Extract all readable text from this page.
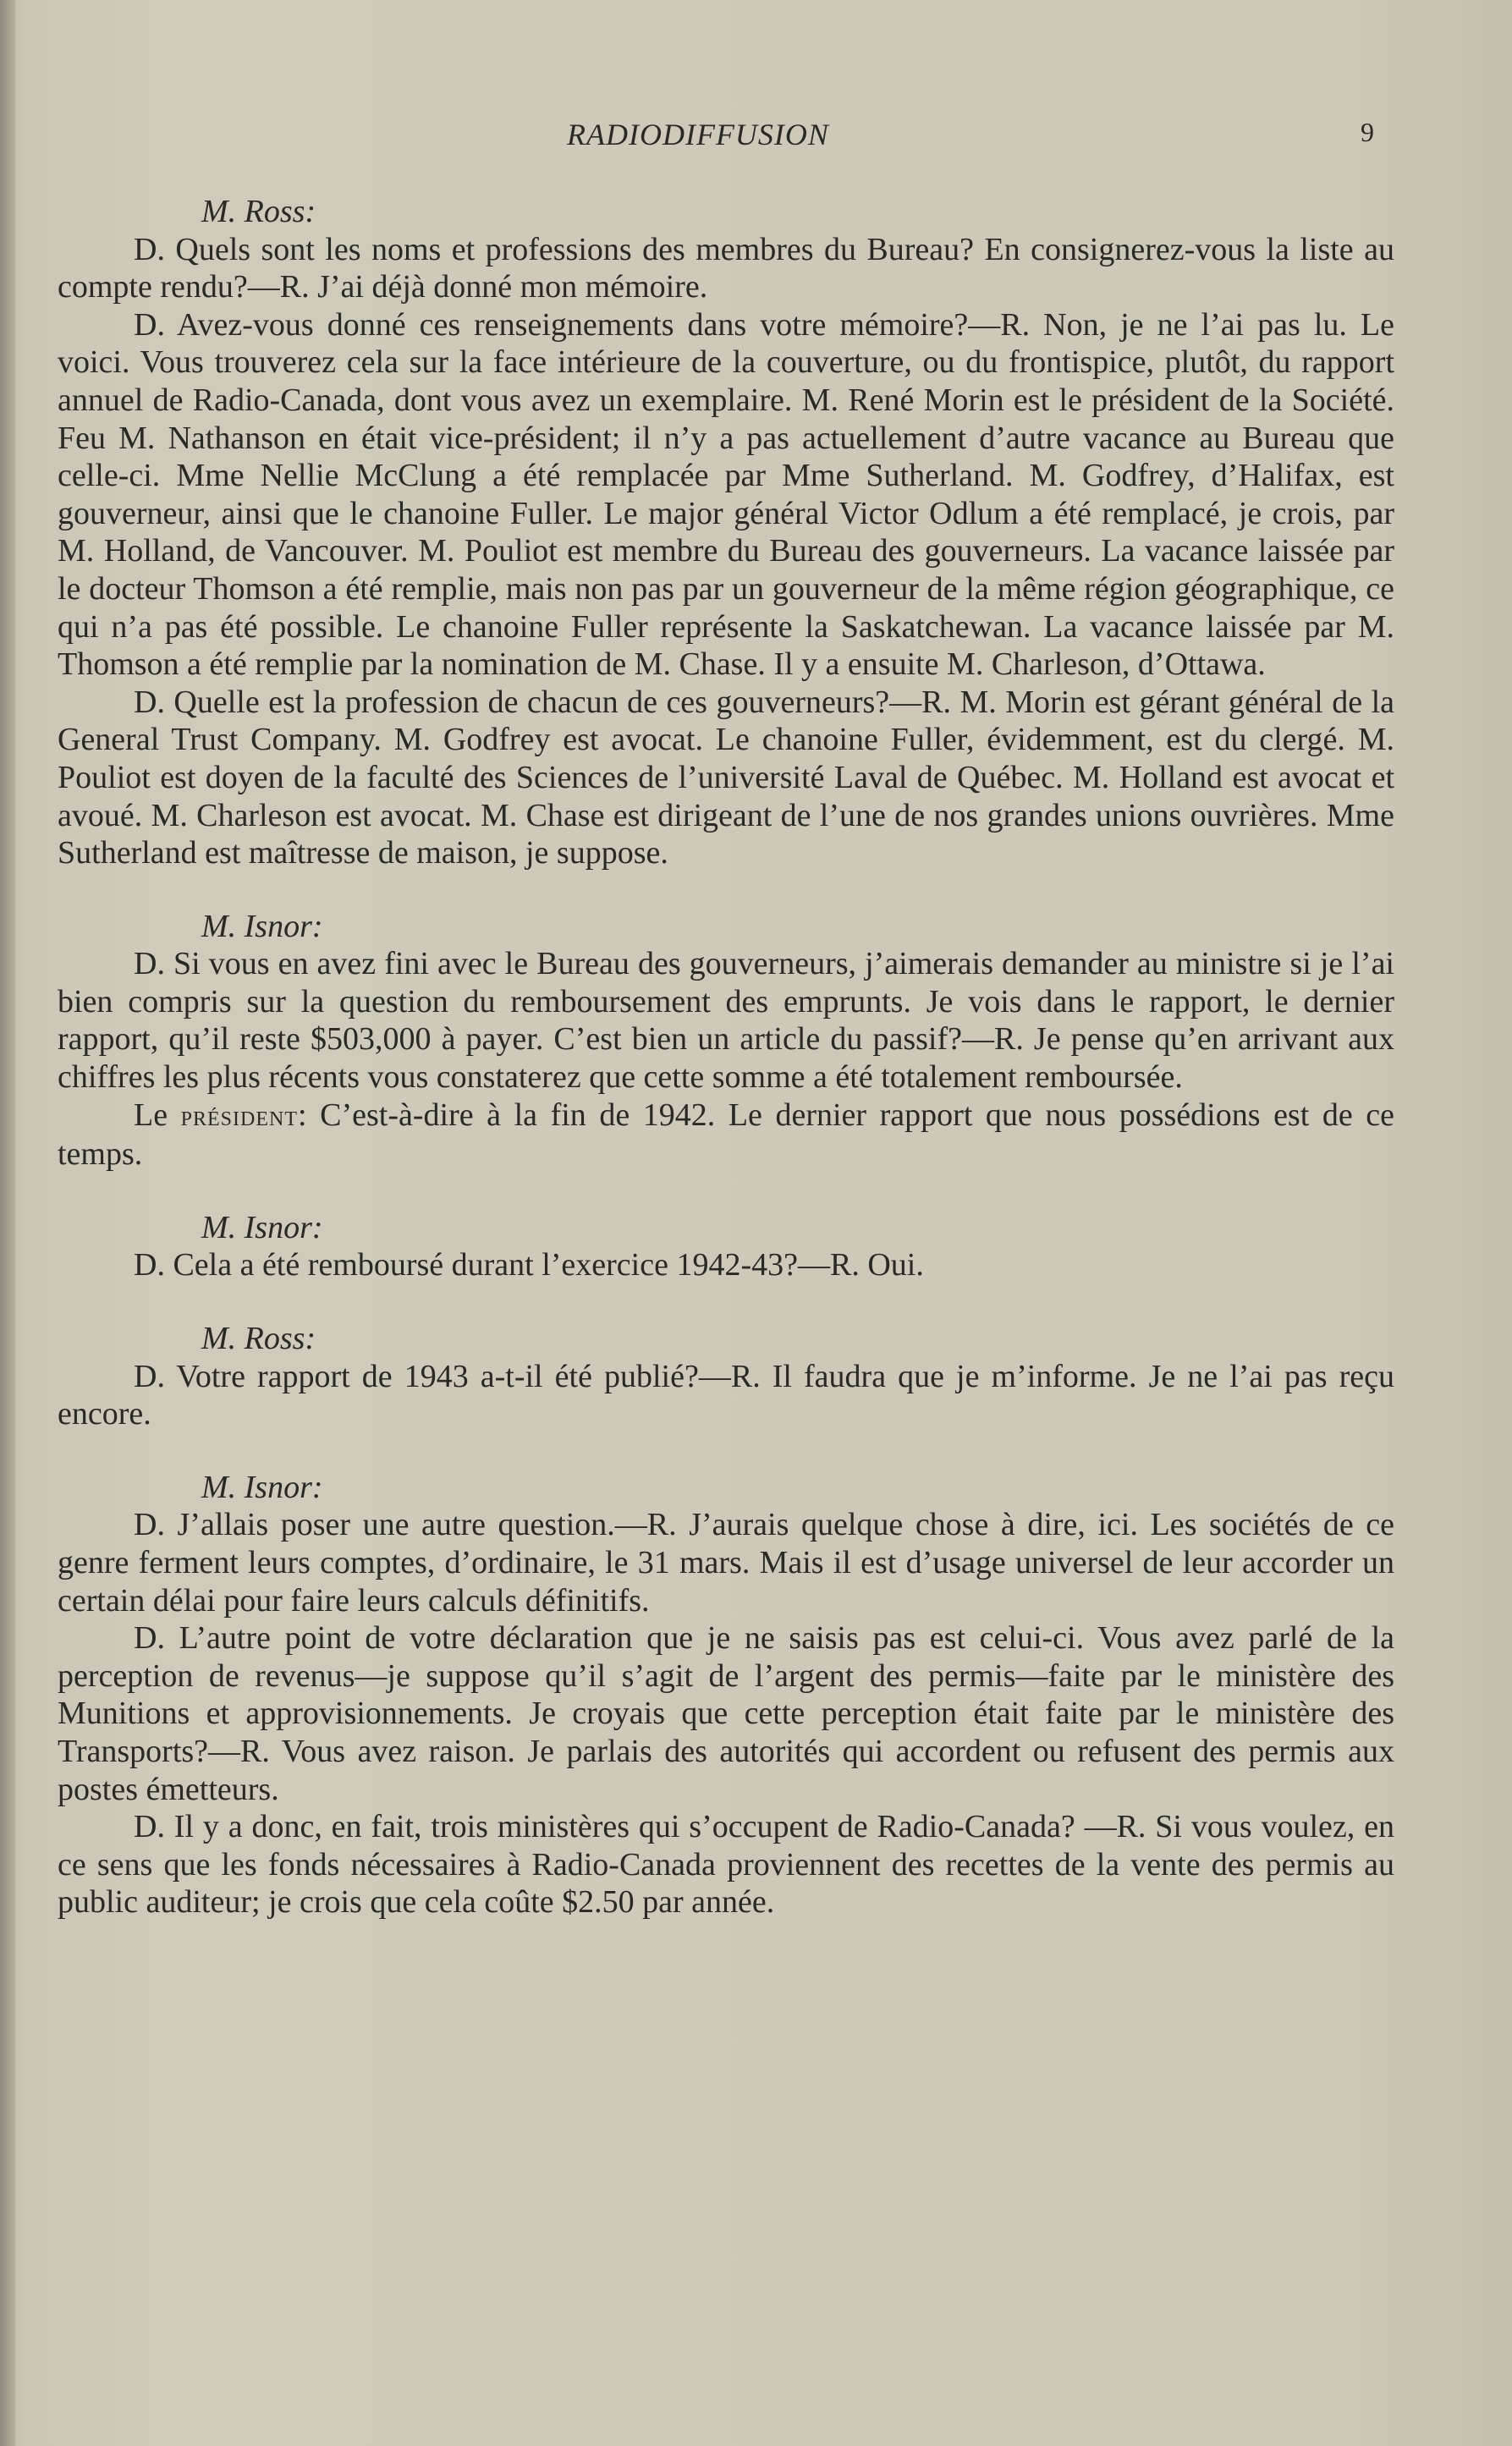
RADIODIFFUSION	9

M. Ross:

D. Quels sont les noms et professions des membres du Bureau? En consignerez-vous la liste au compte rendu?—R. J’ai déjà donné mon mémoire.

D. Avez-vous donné ces renseignements dans votre mémoire?—R. Non, je ne l’ai pas lu. Le voici. Vous trouverez cela sur la face intérieure de la couverture, ou du frontispice, plutôt, du rapport annuel de Radio-Canada, dont vous avez un exemplaire. M. René Morin est le président de la Société. Feu M. Nathanson en était vice-président; il n’y a pas actuellement d’autre vacance au Bureau que celle-ci. Mme Nellie McClung a été remplacée par Mme Sutherland. M. Godfrey, d’Halifax, est gouverneur, ainsi que le chanoine Fuller. Le major général Victor Odlum a été remplacé, je crois, par M. Holland, de Vancouver. M. Pouliot est membre du Bureau des gouverneurs. La vacance laissée par le docteur Thomson a été remplie, mais non pas par un gouverneur de la même région géographique, ce qui n’a pas été possible. Le chanoine Fuller représente la Saskatchewan. La vacance laissée par M. Thomson a été remplie par la nomination de M. Chase. Il y a ensuite M. Charleson, d’Ottawa.

D. Quelle est la profession de chacun de ces gouverneurs?—R. M. Morin est gérant général de la General Trust Company. M. Godfrey est avocat. Le chanoine Fuller, évidemment, est du clergé. M. Pouliot est doyen de la faculté des Sciences de l’université Laval de Québec. M. Holland est avocat et avoué. M. Charleson est avocat. M. Chase est dirigeant de l’une de nos grandes unions ouvrières. Mme Sutherland est maîtresse de maison, je suppose.

M. Isnor:

D. Si vous en avez fini avec le Bureau des gouverneurs, j’aimerais demander au ministre si je l’ai bien compris sur la question du remboursement des emprunts. Je vois dans le rapport, le dernier rapport, qu’il reste $503,000 à payer. C’est bien un article du passif?—R. Je pense qu’en arrivant aux chiffres les plus récents vous constaterez que cette somme a été totalement remboursée.

Le président: C’est-à-dire à la fin de 1942. Le dernier rapport que nous possédions est de ce temps.

M. Isnor:

D. Cela a été remboursé durant l’exercice 1942-43?—R. Oui.

M. Ross:

D. Votre rapport de 1943 a-t-il été publié?—R. Il faudra que je m’informe. Je ne l’ai pas reçu encore.

M. Isnor:

D. J’allais poser une autre question.—R. J’aurais quelque chose à dire, ici. Les sociétés de ce genre ferment leurs comptes, d’ordinaire, le 31 mars. Mais il est d’usage universel de leur accorder un certain délai pour faire leurs calculs définitifs.

D. L’autre point de votre déclaration que je ne saisis pas est celui-ci. Vous avez parlé de la perception de revenus—je suppose qu’il s’agit de l’argent des permis—faite par le ministère des Munitions et approvisionnements. Je croyais que cette perception était faite par le ministère des Transports?—R. Vous avez raison. Je parlais des autorités qui accordent ou refusent des permis aux postes émetteurs.

D. Il y a donc, en fait, trois ministères qui s’occupent de Radio-Canada? —R. Si vous voulez, en ce sens que les fonds nécessaires à Radio-Canada proviennent des recettes de la vente des permis au public auditeur; je crois que cela coûte $2.50 par année.
